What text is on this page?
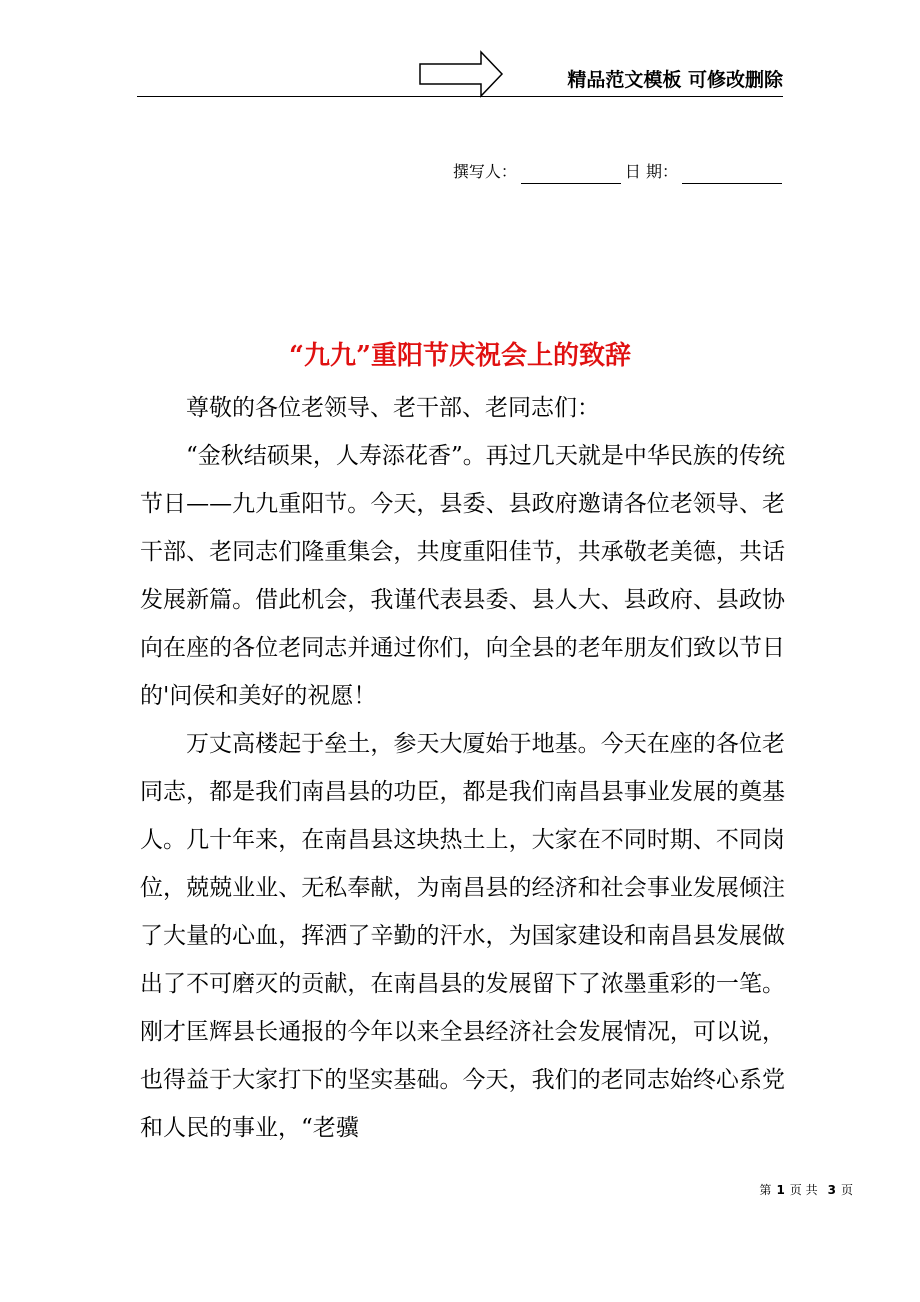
精品范文模板 可修改删除
撰写人：	日 期：
“九九”重阳节庆祝会上的致辞

尊敬的各位老领导、老干部、老同志们：

“金秋结硕果，人寿添花香”。再过几天就是中华民族的传统节日——九九重阳节。今天，县委、县政府邀请各位老领导、老干部、老同志们隆重集会，共度重阳佳节，共承敬老美德，共话发展新篇。借此机会，我谨代表县委、县人大、县政府、县政协向在座的各位老同志并通过你们，向全县的老年朋友们致以节日的'问侯和美好的祝愿！

万丈高楼起于垒土，参天大厦始于地基。今天在座的各位老同志，都是我们南昌县的功臣，都是我们南昌县事业发展的奠基人。几十年来，在南昌县这块热土上，大家在不同时期、不同岗位，兢兢业业、无私奉献，为南昌县的经济和社会事业发展倾注了大量的心血，挥洒了辛勤的汗水，为国家建设和南昌县发展做出了不可磨灭的贡献，在南昌县的发展留下了浓墨重彩的一笔。刚才匡辉县长通报的今年以来全县经济社会发展情况，可以说，也得益于大家打下的坚实基础。今天，我们的老同志始终心系党和人民的事业，“老骥

第 1 页 共 3 页
